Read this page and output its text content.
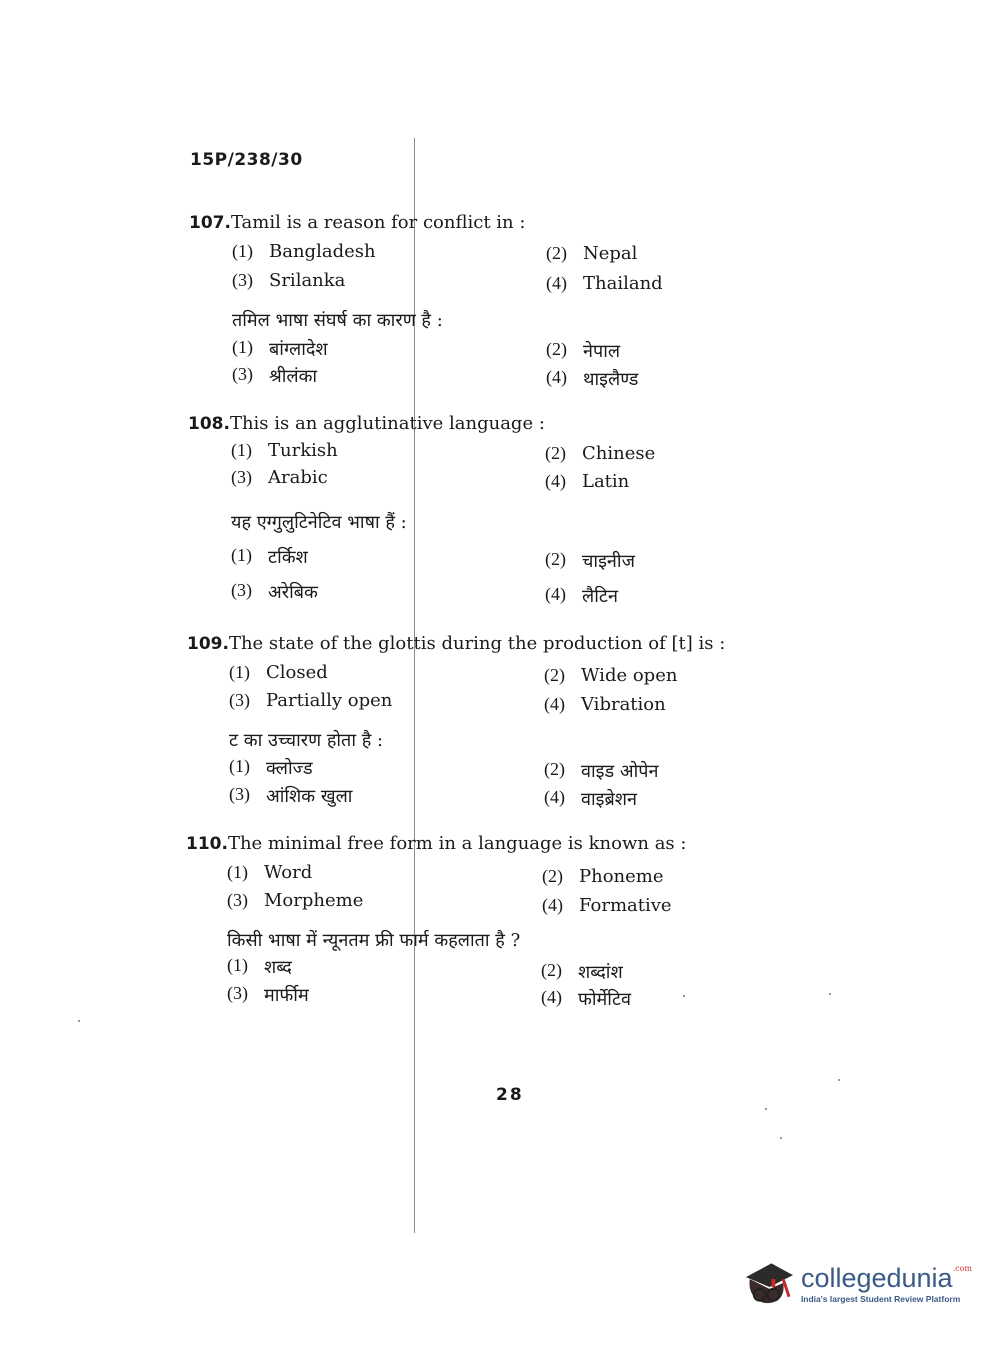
15P/238/30
107.Tamil is a reason for conflict in :
(1) Bangladesh	(2) Nepal
(3) Srilanka	(4) Thailand
तमिल भाषा संघर्ष का कारण है :
(1) बांग्लादेश	(2) नेपाल
(3) श्रीलंका	(4) थाइलैण्ड
108.This is an agglutinative language :
(1) Turkish	(2) Chinese
(3) Arabic	(4) Latin
यह एग्गुलुटिनेटिव भाषा हैं :
(1) टर्किश	(2) चाइनीज
(3) अरेबिक	(4) लैटिन
109.The state of the glottis during the production of [t] is :
(1) Closed	(2) Wide open
(3) Partially open	(4) Vibration
ट का उच्चारण होता है :
(1) क्लोज्ड	(2) वाइड ओपेन
(3) आंशिक खुला	(4) वाइब्रेशन
110.The minimal free form in a language is known as :
(1) Word	(2) Phoneme
(3) Morpheme	(4) Formative
किसी भाषा में न्यूनतम फ्री फार्म कहलाता है ?
(1) शब्द	(2) शब्दांश
(3) मार्फीम	(4) फोर्मेटिव
28
collegedunia$^{.com}$
India's largest Student Review Platform
